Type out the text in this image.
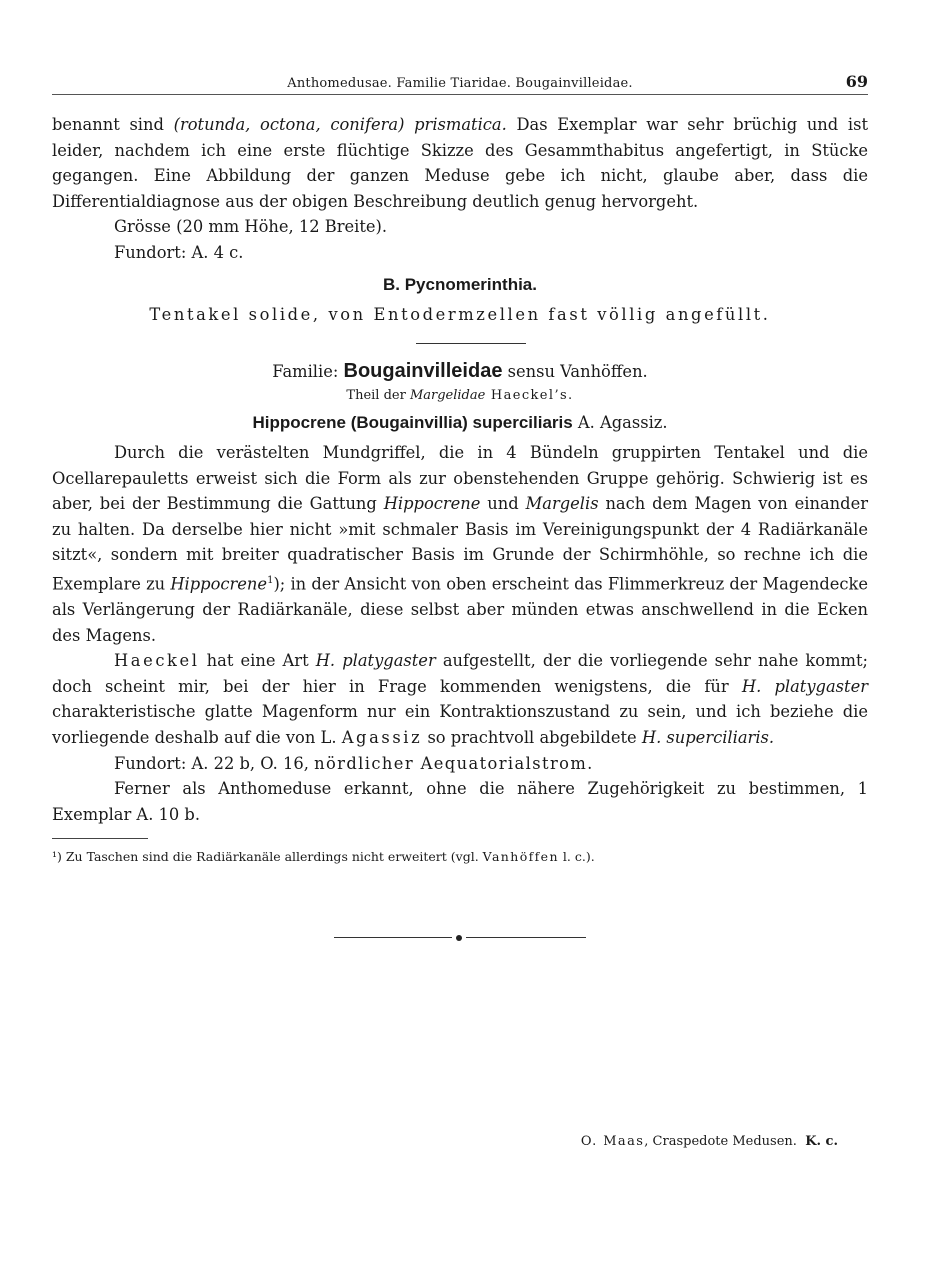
Anthomedusae. Familie Tiaridae. Bougainvilleidae.	69

benannt sind (rotunda, octona, conifera) prismatica. Das Exemplar war sehr brüchig und ist leider, nachdem ich eine erste flüchtige Skizze des Gesammthabitus angefertigt, in Stücke gegangen. Eine Abbildung der ganzen Meduse gebe ich nicht, glaube aber, dass die Differentialdiagnose aus der obigen Beschreibung deutlich genug hervorgeht.

Grösse (20 mm Höhe, 12 Breite).

Fundort: A. 4 c.

B. Pycnomerinthia.

Tentakel solide, von Entodermzellen fast völlig angefüllt.

Familie: Bougainvilleidae sensu Vanhöffen.

Theil der Margelidae Haeckel’s.

Hippocrene (Bougainvillia) superciliaris A. Agassiz.

Durch die verästelten Mundgriffel, die in 4 Bündeln gruppirten Tentakel und die Ocellarepauletts erweist sich die Form als zur obenstehenden Gruppe gehörig. Schwierig ist es aber, bei der Bestimmung die Gattung Hippocrene und Margelis nach dem Magen von einander zu halten. Da derselbe hier nicht »mit schmaler Basis im Vereinigungspunkt der 4 Radiärkanäle sitzt«, sondern mit breiter quadratischer Basis im Grunde der Schirmhöhle, so rechne ich die Exemplare zu Hippocrene$^1$); in der Ansicht von oben erscheint das Flimmerkreuz der Magendecke als Verlängerung der Radiärkanäle, diese selbst aber münden etwas anschwellend in die Ecken des Magens.

Haeckel hat eine Art H. platygaster aufgestellt, der die vorliegende sehr nahe kommt; doch scheint mir, bei der hier in Frage kommenden wenigstens, die für H. platygaster charakteristische glatte Magenform nur ein Kontraktionszustand zu sein, und ich beziehe die vorliegende deshalb auf die von L. Agassiz so prachtvoll abgebildete H. superciliaris.

Fundort: A. 22 b, O. 16, nördlicher Aequatorialstrom.

Ferner als Anthomeduse erkannt, ohne die nähere Zugehörigkeit zu bestimmen, 1 Exemplar A. 10 b.

¹) Zu Taschen sind die Radiärkanäle allerdings nicht erweitert (vgl. Vanhöffen l. c.).
O. Maas, Craspedote Medusen. K. c.
